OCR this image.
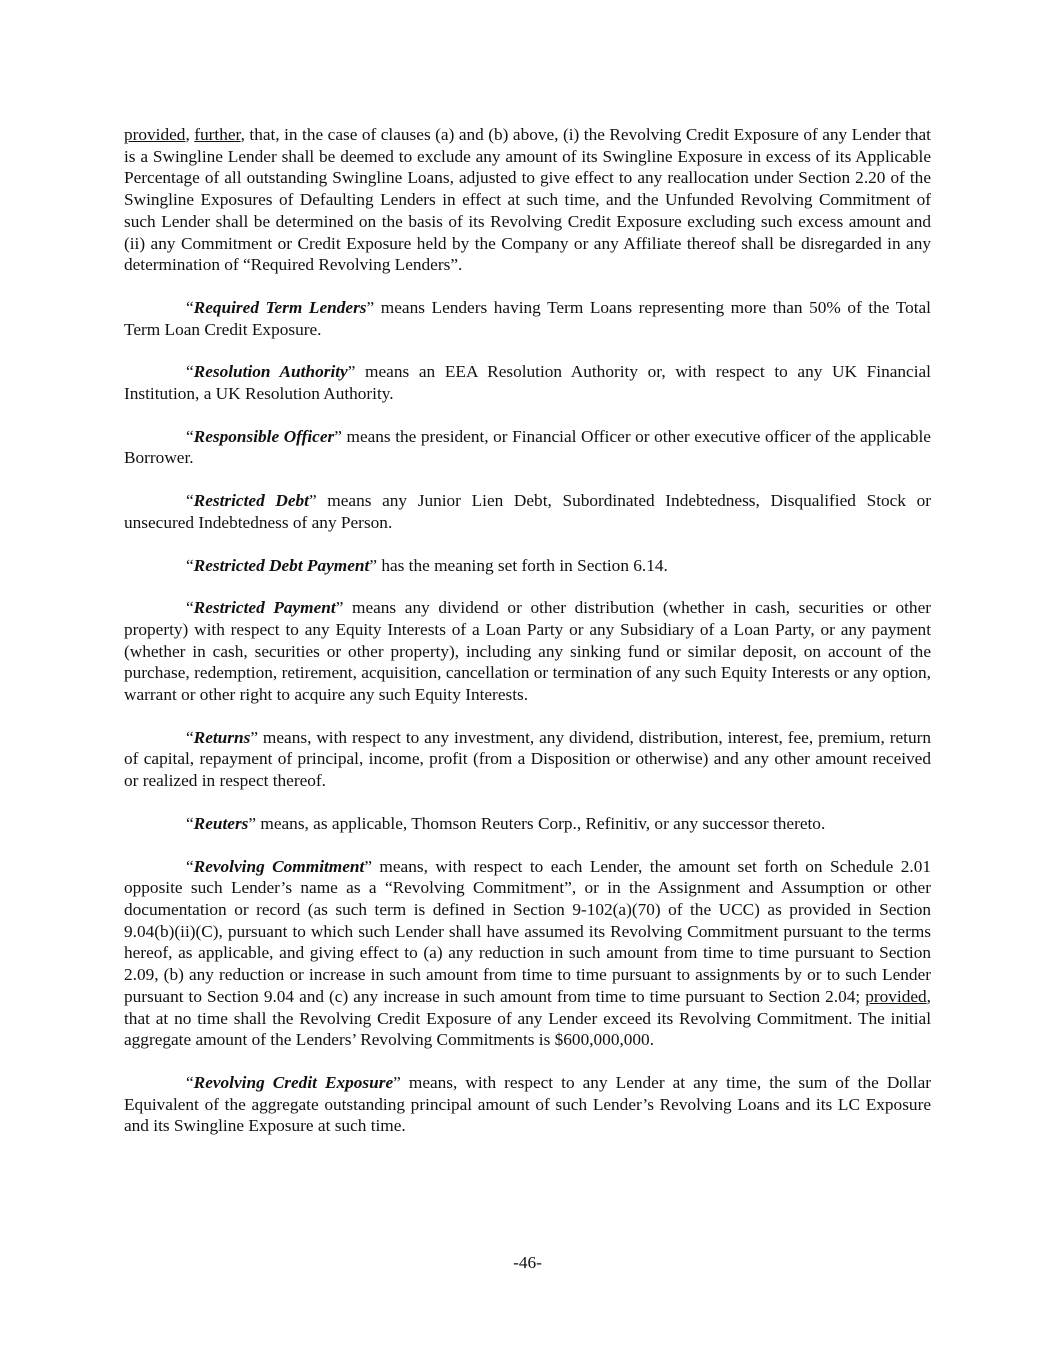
provided, further, that, in the case of clauses (a) and (b) above, (i) the Revolving Credit Exposure of any Lender that is a Swingline Lender shall be deemed to exclude any amount of its Swingline Exposure in excess of its Applicable Percentage of all outstanding Swingline Loans, adjusted to give effect to any reallocation under Section 2.20 of the Swingline Exposures of Defaulting Lenders in effect at such time, and the Unfunded Revolving Commitment of such Lender shall be determined on the basis of its Revolving Credit Exposure excluding such excess amount and (ii) any Commitment or Credit Exposure held by the Company or any Affiliate thereof shall be disregarded in any determination of “Required Revolving Lenders”.

“Required Term Lenders” means Lenders having Term Loans representing more than 50% of the Total Term Loan Credit Exposure.

“Resolution Authority” means an EEA Resolution Authority or, with respect to any UK Financial Institution, a UK Resolution Authority.

“Responsible Officer” means the president, or Financial Officer or other executive officer of the applicable Borrower.

“Restricted Debt” means any Junior Lien Debt, Subordinated Indebtedness, Disqualified Stock or unsecured Indebtedness of any Person.

“Restricted Debt Payment” has the meaning set forth in Section 6.14.

“Restricted Payment” means any dividend or other distribution (whether in cash, securities or other property) with respect to any Equity Interests of a Loan Party or any Subsidiary of a Loan Party, or any payment (whether in cash, securities or other property), including any sinking fund or similar deposit, on account of the purchase, redemption, retirement, acquisition, cancellation or termination of any such Equity Interests or any option, warrant or other right to acquire any such Equity Interests.

“Returns” means, with respect to any investment, any dividend, distribution, interest, fee, premium, return of capital, repayment of principal, income, profit (from a Disposition or otherwise) and any other amount received or realized in respect thereof.

“Reuters” means, as applicable, Thomson Reuters Corp., Refinitiv, or any successor thereto.

“Revolving Commitment” means, with respect to each Lender, the amount set forth on Schedule 2.01 opposite such Lender’s name as a “Revolving Commitment”, or in the Assignment and Assumption or other documentation or record (as such term is defined in Section 9-102(a)(70) of the UCC) as provided in Section 9.04(b)(ii)(C), pursuant to which such Lender shall have assumed its Revolving Commitment pursuant to the terms hereof, as applicable, and giving effect to (a) any reduction in such amount from time to time pursuant to Section 2.09, (b) any reduction or increase in such amount from time to time pursuant to assignments by or to such Lender pursuant to Section 9.04 and (c) any increase in such amount from time to time pursuant to Section 2.04; provided, that at no time shall the Revolving Credit Exposure of any Lender exceed its Revolving Commitment. The initial aggregate amount of the Lenders’ Revolving Commitments is $600,000,000.

“Revolving Credit Exposure” means, with respect to any Lender at any time, the sum of the Dollar Equivalent of the aggregate outstanding principal amount of such Lender’s Revolving Loans and its LC Exposure and its Swingline Exposure at such time.

-46-
